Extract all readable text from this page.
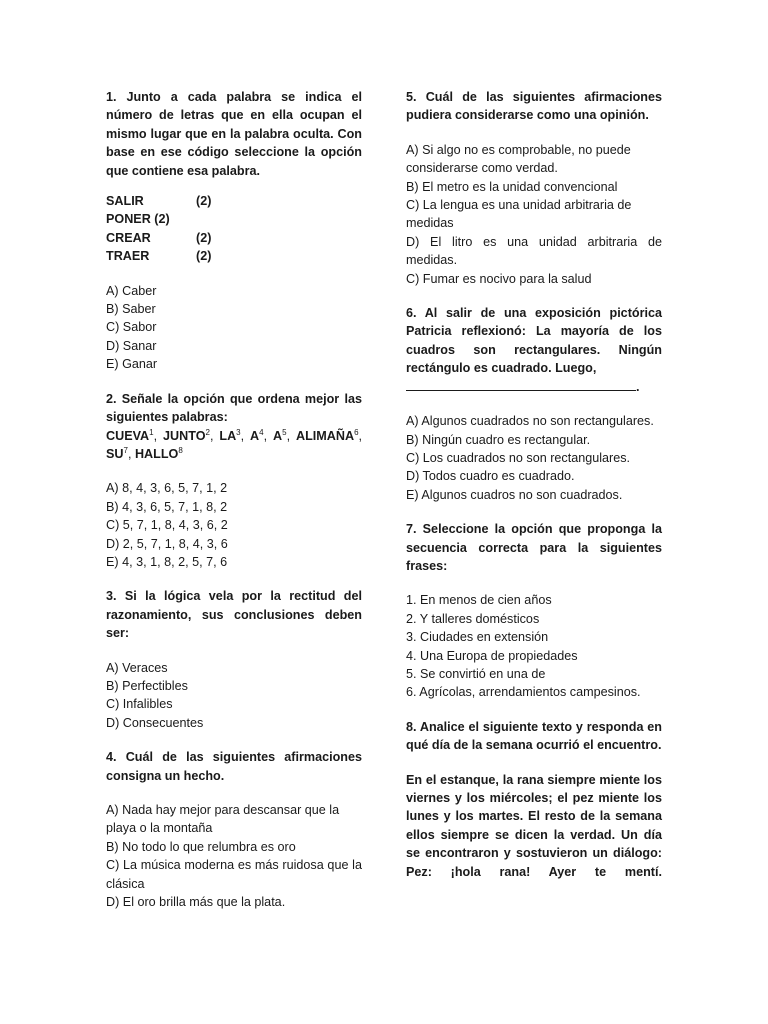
1. Junto a cada palabra se indica el número de letras que en ella ocupan el mismo lugar que en la palabra oculta. Con base en ese código seleccione la opción que contiene esa palabra.

SALIR	(2)
PONER (2)
CREAR	(2)
TRAER	(2)

A) Caber

B) Saber

C) Sabor

D) Sanar

E) Ganar

2. Señale la opción que ordena mejor las siguientes palabras:

CUEVA$^1$, JUNTO$^2$, $LA^3$, $A^4$, $A^5$, ALIMAÑA$^6$, $SU^7$, HALLO$^8$

A) 8, 4, 3, 6, 5, 7, 1, 2

B) 4, 3, 6, 5, 7, 1, 8, 2

C) 5, 7, 1, 8, 4, 3, 6, 2

D) 2, 5, 7, 1, 8, 4, 3, 6

E) 4, 3, 1, 8, 2, 5, 7, 6

3. Si la lógica vela por la rectitud del razonamiento, sus conclusiones deben ser:

A) Veraces

B) Perfectibles

C) Infalibles

D) Consecuentes

4. Cuál de las siguientes afirmaciones consigna un hecho.

A) Nada hay mejor para descansar que la playa o la montaña

B) No todo lo que relumbra es oro

C) La música moderna es más ruidosa que la clásica

D) El oro brilla más que la plata.

5. Cuál de las siguientes afirmaciones pudiera considerarse como una opinión.

A) Si algo no es comprobable, no puede considerarse como verdad.

B) El metro es la unidad convencional

C) La lengua es una unidad arbitraria de medidas

D) El litro es una unidad arbitraria de medidas.

C) Fumar es nocivo para la salud

6. Al salir de una exposición pictórica Patricia reflexionó: La mayoría de los cuadros son rectangulares. Ningún rectángulo es cuadrado. Luego,

.

A) Algunos cuadrados no son rectangulares.

B) Ningún cuadro es rectangular.

C) Los cuadrados no son rectangulares.

D) Todos cuadro es cuadrado.

E) Algunos cuadros no son cuadrados.

7. Seleccione la opción que proponga la secuencia correcta para la siguientes frases:

1. En menos de cien años

2. Y talleres domésticos

3. Ciudades en extensión

4. Una Europa de propiedades

5. Se convirtió en una de

6. Agrícolas, arrendamientos campesinos.

8. Analice el siguiente texto y responda en qué día de la semana ocurrió el encuentro.

En el estanque, la rana siempre miente los viernes y los miércoles; el pez miente los lunes y los martes. El resto de la semana ellos siempre se dicen la verdad. Un día se encontraron y sostuvieron un diálogo: Pez: ¡hola rana! Ayer te mentí.
